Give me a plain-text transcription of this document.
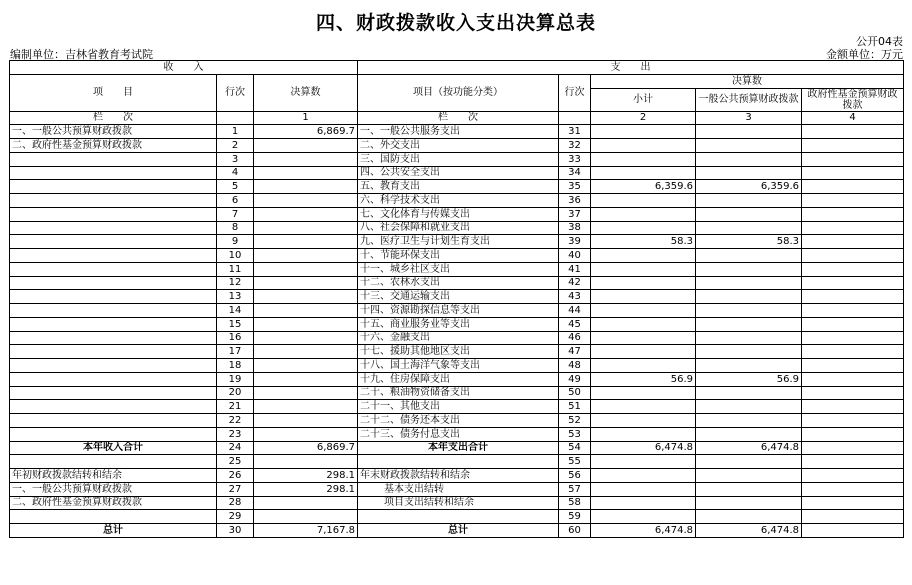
四、财政拨款收入支出决算总表
公开04表
编制单位：吉林省教育考试院	金额单位：万元
收　　入			支　　出				
项　　目	行次	决算数	项目（按功能分类）	行次	决算数		
					小计	一般公共预算财政拨款	政府性基金预算财政拨款
栏　　次		1	栏　　次		2	3	4
一、一般公共预算财政拨款	1	6,869.7	一、一般公共服务支出	31			
二、政府性基金预算财政拨款	2		二、外交支出	32			
	3		三、国防支出	33			
	4		四、公共安全支出	34			
	5		五、教育支出	35	6,359.6	6,359.6	
	6		六、科学技术支出	36			
	7		七、文化体育与传媒支出	37			
	8		八、社会保障和就业支出	38			
	9		九、医疗卫生与计划生育支出	39	58.3	58.3	
	10		十、节能环保支出	40			
	11		十一、城乡社区支出	41			
	12		十二、农林水支出	42			
	13		十三、交通运输支出	43			
	14		十四、资源勘探信息等支出	44			
	15		十五、商业服务业等支出	45			
	16		十六、金融支出	46			
	17		十七、援助其他地区支出	47			
	18		十八、国土海洋气象等支出	48			
	19		十九、住房保障支出	49	56.9	56.9	
	20		二十、粮油物资储备支出	50			
	21		二十一、其他支出	51			
	22		二十二、债务还本支出	52			
	23		二十三、债务付息支出	53			
本年收入合计	24	6,869.7	本年支出合计	54	6,474.8	6,474.8	
	25			55			
年初财政拨款结转和结余	26	298.1	年末财政拨款结转和结余	56			
一、一般公共预算财政拨款	27	298.1	基本支出结转	57			
二、政府性基金预算财政拨款	28		项目支出结转和结余	58			
	29			59			
总计	30	7,167.8	总计	60	6,474.8	6,474.8	
